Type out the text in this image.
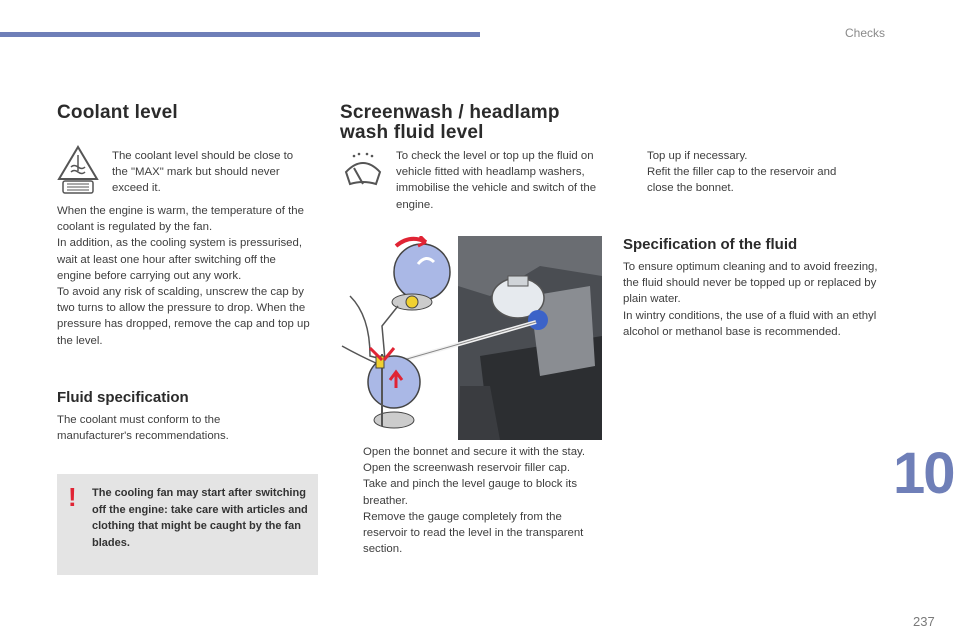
Checks
Coolant level
The coolant level should be close to the "MAX" mark but should never exceed it.
When the engine is warm, the temperature of the coolant is regulated by the fan.
In addition, as the cooling system is pressurised, wait at least one hour after switching off the engine before carrying out any work.
To avoid any risk of scalding, unscrew the cap by two turns to allow the pressure to drop. When the pressure has dropped, remove the cap and top up the level.
Fluid specification
The coolant must conform to the manufacturer's recommendations.
! The cooling fan may start after switching off the engine: take care with articles and clothing that might be caught by the fan blades.
Screenwash / headlamp
wash fluid level
To check the level or top up the fluid on vehicle fitted with headlamp washers, immobilise the vehicle and switch of the engine.
Open the bonnet and secure it with the stay.
Open the screenwash reservoir filler cap.
Take and pinch the level gauge to block its breather.
Remove the gauge completely from the reservoir to read the level in the transparent section.
Top up if necessary.
Refit the filler cap to the reservoir and close the bonnet.
Specification of the fluid
To ensure optimum cleaning and to avoid freezing, the fluid should never be topped up or replaced by plain water.
In wintry conditions, the use of a fluid with an ethyl alcohol or methanol base is recommended.
10
237
